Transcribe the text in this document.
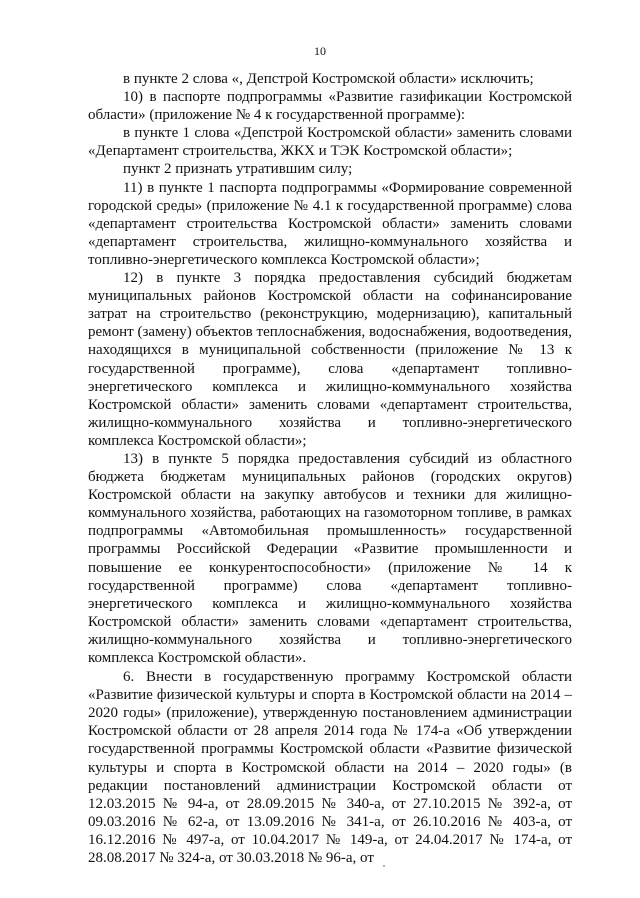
10

в пункте 2 слова «, Депстрой Костромской области» исключить;

10) в паспорте подпрограммы «Развитие газификации Костромской области» (приложение № 4 к государственной программе):

в пункте 1 слова «Депстрой Костромской области» заменить словами «Департамент строительства, ЖКХ и ТЭК Костромской области»;

пункт 2 признать утратившим силу;

11) в пункте 1 паспорта подпрограммы «Формирование современной городской среды» (приложение № 4.1 к государственной программе) слова «департамент строительства Костромской области» заменить словами «департамент строительства, жилищно-коммунального хозяйства и топливно-энергетического комплекса Костромской области»;

12) в пункте 3 порядка предоставления субсидий бюджетам муниципальных районов Костромской области на софинансирование затрат на строительство (реконструкцию, модернизацию), капитальный ремонт (замену) объектов теплоснабжения, водоснабжения, водоотведения, находящихся в муниципальной собственности (приложение № 13 к государственной программе), слова «департамент топливно-энергетического комплекса и жилищно-коммунального хозяйства Костромской области» заменить словами «департамент строительства, жилищно-коммунального хозяйства и топливно-энергетического комплекса Костромской области»;

13) в пункте 5 порядка предоставления субсидий из областного бюджета бюджетам муниципальных районов (городских округов) Костромской области на закупку автобусов и техники для жилищно-коммунального хозяйства, работающих на газомоторном топливе, в рамках подпрограммы «Автомобильная промышленность» государственной программы Российской Федерации «Развитие промышленности и повышение ее конкурентоспособности» (приложение № 14 к государственной программе) слова «департамент топливно-энергетического комплекса и жилищно-коммунального хозяйства Костромской области» заменить словами «департамент строительства, жилищно-коммунального хозяйства и топливно-энергетического комплекса Костромской области».

6. Внести в государственную программу Костромской области «Развитие физической культуры и спорта в Костромской области на 2014 – 2020 годы» (приложение), утвержденную постановлением администрации Костромской области от 28 апреля 2014 года № 174-а «Об утверждении государственной программы Костромской области «Развитие физической культуры и спорта в Костромской области на 2014 – 2020 годы» (в редакции постановлений администрации Костромской области от 12.03.2015 № 94-а, от 28.09.2015 № 340-а, от 27.10.2015 № 392-а, от 09.03.2016 № 62-а, от 13.09.2016 № 341-а, от 26.10.2016 № 403-а, от 16.12.2016 № 497-а, от 10.04.2017 № 149-а, от 24.04.2017 № 174-а, от 28.08.2017 № 324-а, от 30.03.2018 № 96-а, от
